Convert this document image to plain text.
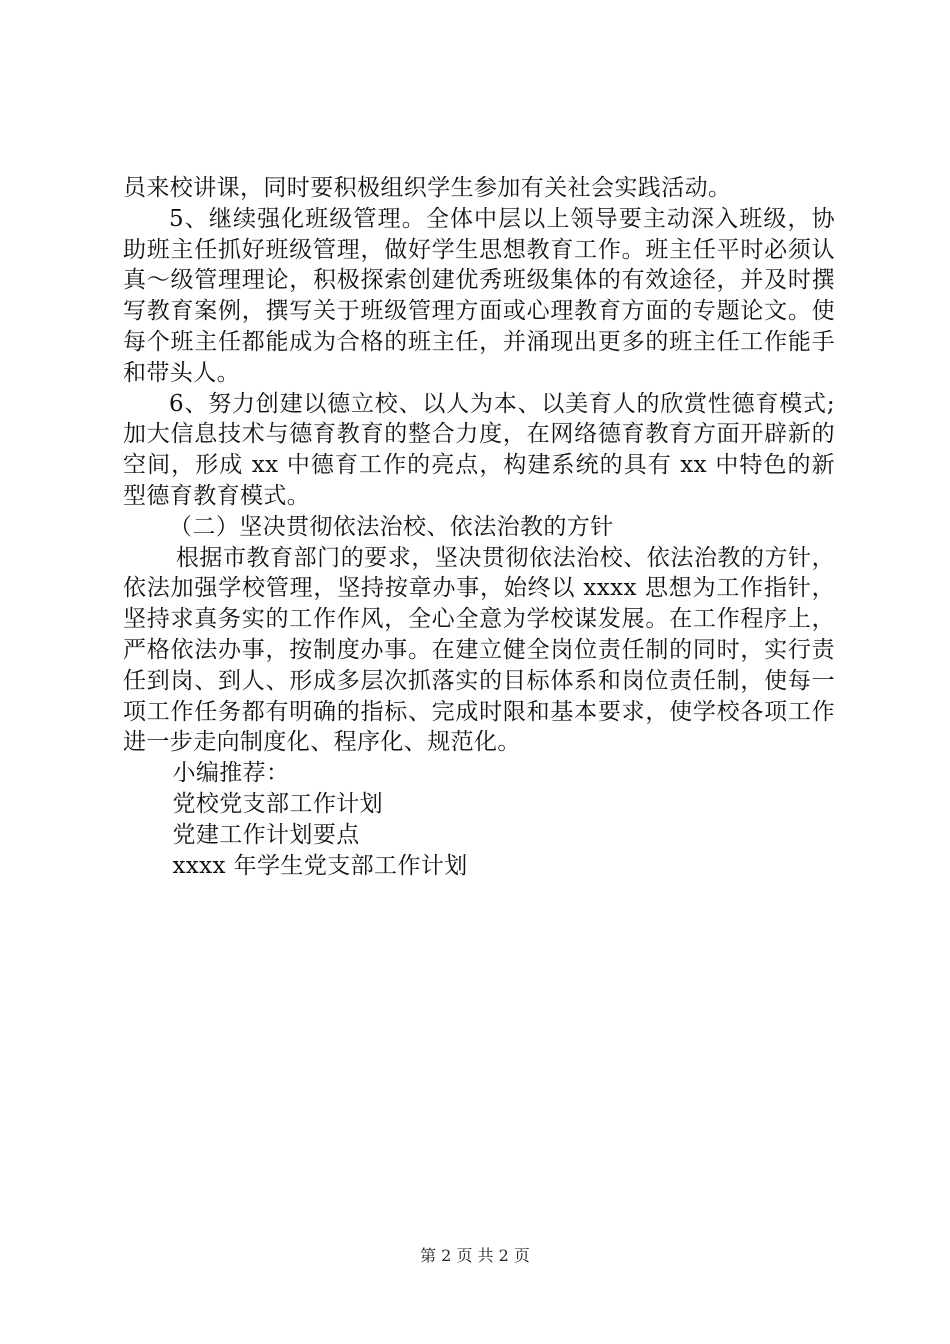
员来校讲课，同时要积极组织学生参加有关社会实践活动。

5、继续强化班级管理。全体中层以上领导要主动深入班级，协助班主任抓好班级管理，做好学生思想教育工作。班主任平时必须认真～级管理理论，积极探索创建优秀班级集体的有效途径，并及时撰写教育案例，撰写关于班级管理方面或心理教育方面的专题论文。使每个班主任都能成为合格的班主任，并涌现出更多的班主任工作能手和带头人。

6、努力创建以德立校、以人为本、以美育人的欣赏性德育模式;加大信息技术与德育教育的整合力度，在网络德育教育方面开辟新的空间，形成 xx 中德育工作的亮点，构建系统的具有 xx 中特色的新型德育教育模式。

（二）坚决贯彻依法治校、依法治教的方针

根据市教育部门的要求，坚决贯彻依法治校、依法治教的方针，依法加强学校管理，坚持按章办事，始终以 xxxx 思想为工作指针，坚持求真务实的工作作风，全心全意为学校谋发展。在工作程序上，严格依法办事，按制度办事。在建立健全岗位责任制的同时，实行责任到岗、到人、形成多层次抓落实的目标体系和岗位责任制，使每一项工作任务都有明确的指标、完成时限和基本要求，使学校各项工作进一步走向制度化、程序化、规范化。

小编推荐：

党校党支部工作计划

党建工作计划要点

xxxx 年学生党支部工作计划

第 2 页 共 2 页
